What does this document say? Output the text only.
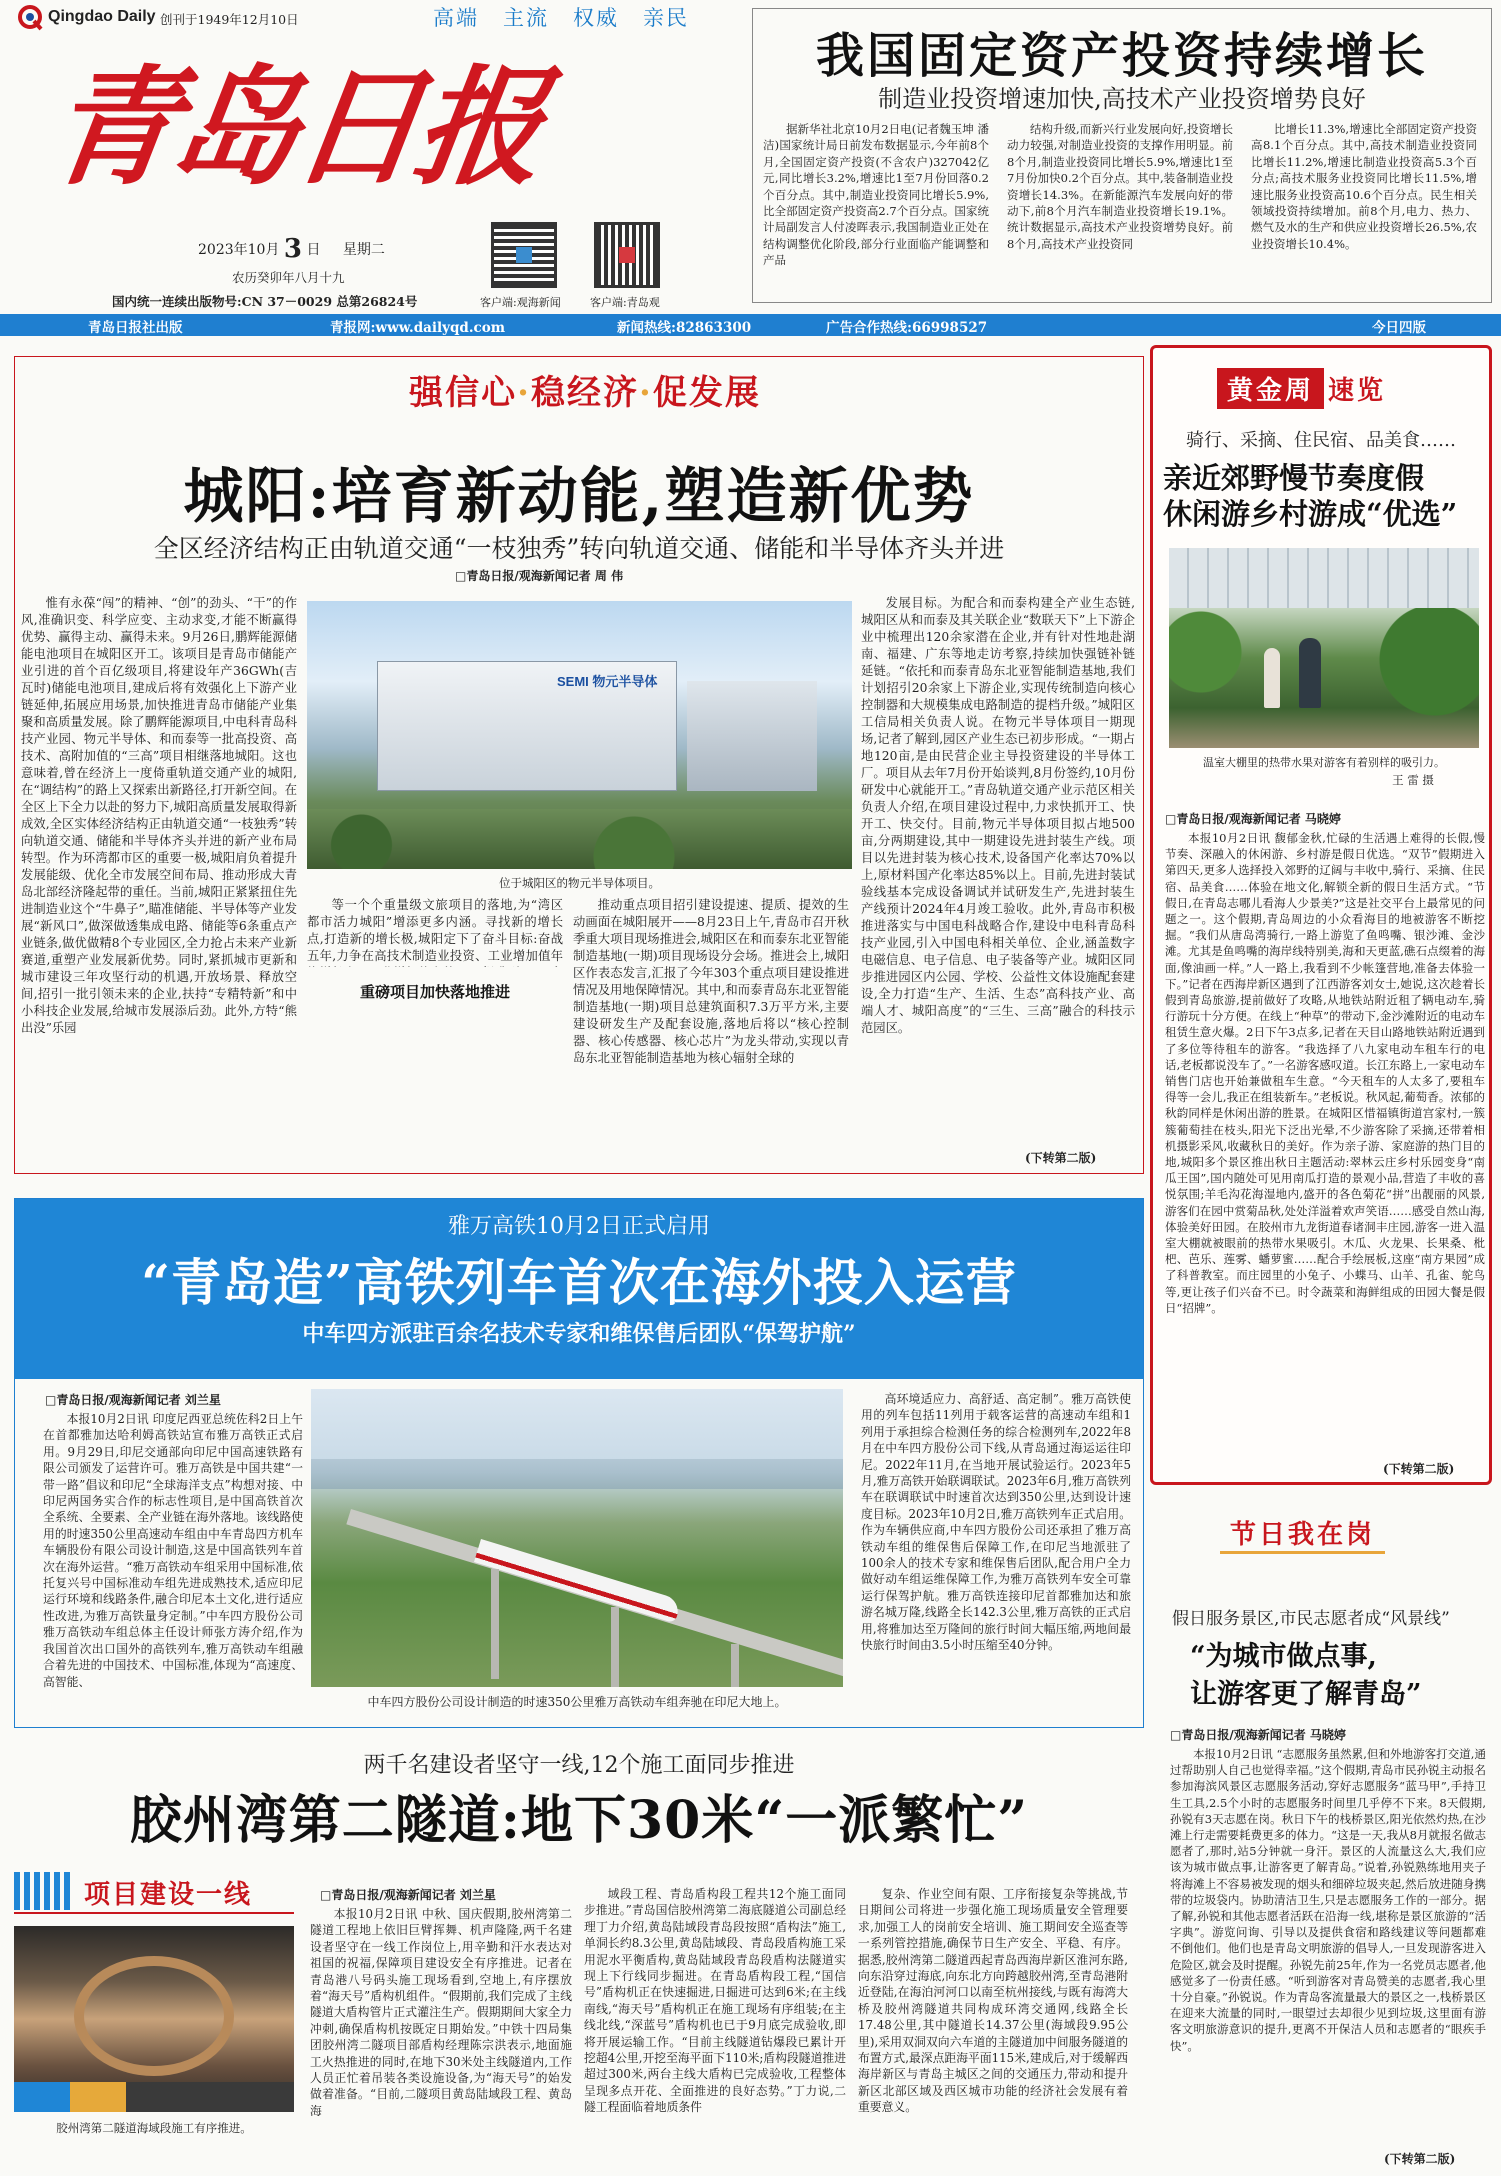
Qingdao Daily 创刊于1949年12月10日	高端 主流 权威 亲民
青岛日报
2023年10月 3 日 星期二
农历癸卯年八月十九
国内统一连续出版物号:CN 37－0029 总第26824号	客户端:观海新闻	客户端:青岛观
我国固定资产投资持续增长
制造业投资增速加快,高技术产业投资增势良好
据新华社北京10月2日电(记者魏玉坤 潘洁)国家统计局日前发布数据显示,今年前8个月,全国固定资产投资(不含农户)327042亿元,同比增长3.2%,增速比1至7月份回落0.2个百分点。其中,制造业投资同比增长5.9%,比全部固定资产投资高2.7个百分点。国家统计局副发言人付凌晖表示,我国制造业正处在结构调整优化阶段,部分行业面临产能调整和产品
结构升级,而新兴行业发展向好,投资增长动力较强,对制造业投资的支撑作用明显。前8个月,制造业投资同比增长5.9%,增速比1至7月份加快0.2个百分点。其中,装备制造业投资增长14.3%。在新能源汽车发展向好的带动下,前8个月汽车制造业投资增长19.1%。统计数据显示,高技术产业投资增势良好。前8个月,高技术产业投资同
比增长11.3%,增速比全部固定资产投资高8.1个百分点。其中,高技术制造业投资同比增长11.2%,增速比制造业投资高5.3个百分点;高技术服务业投资同比增长11.5%,增速比服务业投资高10.6个百分点。民生相关领域投资持续增加。前8个月,电力、热力、燃气及水的生产和供应业投资增长26.5%,农业投资增长10.4%。
青岛日报社出版	青报网:www.dailyqd.com	新闻热线:82863300	广告合作热线:66998527	今日四版
强信心·稳经济·促发展
城阳:培育新动能,塑造新优势
全区经济结构正由轨道交通“一枝独秀”转向轨道交通、储能和半导体齐头并进
□青岛日报/观海新闻记者 周 伟
惟有永葆“闯”的精神、“创”的劲头、“干”的作风,准确识变、科学应变、主动求变,才能不断赢得优势、赢得主动、赢得未来。9月26日,鹏辉能源储能电池项目在城阳区开工。该项目是青岛市储能产业引进的首个百亿级项目,将建设年产36GWh(吉瓦时)储能电池项目,建成后将有效强化上下游产业链延伸,拓展应用场景,加快推进青岛市储能产业集聚和高质量发展。除了鹏辉能源项目,中电科青岛科技产业园、物元半导体、和而泰等一批高投资、高技术、高附加值的“三高”项目相继落地城阳。这也意味着,曾在经济上一度倚重轨道交通产业的城阳,在“调结构”的路上又探索出新路径,打开新空间。在全区上下全力以赴的努力下,城阳高质量发展取得新成效,全区实体经济结构正由轨道交通“一枝独秀”转向轨道交通、储能和半导体齐头并进的新产业布局转型。作为环湾都市区的重要一极,城阳肩负着提升发展能级、优化全市发展空间布局、推动形成大青岛北部经济隆起带的重任。当前,城阳正紧紧扭住先进制造业这个“牛鼻子”,瞄准储能、半导体等产业发展“新风口”,做深做透集成电路、储能等6条重点产业链条,做优做精8个专业园区,全力抢占未来产业新赛道,重塑产业发展新优势。同时,紧抓城市更新和城市建设三年攻坚行动的机遇,开放场景、释放空间,招引一批引领未来的企业,扶持“专精特新”和中小科技企业发展,给城市发展添后劲。此外,方特“熊出没”乐园
SEMI 物元半导体
位于城阳区的物元半导体项目。
等一个个重量级文旅项目的落地,为“湾区都市活力城阳”增添更多内涵。寻找新的增长点,打造新的增长极,城阳定下了奋斗目标:奋战五年,力争在高技术制造业投资、工业增加值年
重磅项目加快落地推进
推动重点项目招引建设提速、提质、提效的生动画面在城阳展开——8月23日上午,青岛市召开秋季重大项目现场推进会,城阳区在和而泰东北亚智能制造基地(一期)项目现场设分会场。推进会上,城阳区作表态发言,汇报了今年303个重点项目建设推进情况及用地保障情况。其中,和而泰青岛东北亚智能制造基地(一期)项目总建筑面积7.3万平方米,主要建设研发生产及配套设施,落地后将以“核心控制器、核心传感器、核心芯片”为龙头带动,实现以青岛东北亚智能制造基地为核心辐射全球的
发展目标。为配合和而泰构建全产业生态链,城阳区从和而泰及其关联企业“数联天下”上下游企业中梳理出120余家潜在企业,并有针对性地赴湖南、福建、广东等地走访考察,持续加快强链补链延链。“依托和而泰青岛东北亚智能制造基地,我们计划招引20余家上下游企业,实现传统制造向核心控制器和大规模集成电路制造的提档升级。”城阳区工信局相关负责人说。在物元半导体项目一期现场,记者了解到,园区产业生态已初步形成。“一期占地120亩,是由民营企业主导投资建设的半导体工厂。项目从去年7月份开始谈判,8月份签约,10月份研发中心就能开工。”青岛轨道交通产业示范区相关负责人介绍,在项目建设过程中,力求快抓开工、快开工、快交付。目前,物元半导体项目拟占地500亩,分两期建设,其中一期建设先进封装生产线。项目以先进封装为核心技术,设备国产化率达70%以上,原材料国产化率达85%以上。目前,先进封装试验线基本完成设备调试并试研发生产,先进封装生产线预计2024年4月竣工验收。此外,青岛市积极推进落实与中国电科战略合作,建设中电科青岛科技产业园,引入中国电科相关单位、企业,涵盖数字电磁信息、电子信息、电子装备等产业。城阳区同步推进园区内公园、学校、公益性文体设施配套建设,全力打造“生产、生活、生态”高科技产业、高端人才、城阳高度”的“三生、三高”融合的科技示范园区。
(下转第二版)
黄金周 速览
骑行、采摘、住民宿、品美食……
亲近郊野慢节奏度假
休闲游乡村游成“优选”
温室大棚里的热带水果对游客有着别样的吸引力。
王 雷 摄
□青岛日报/观海新闻记者 马晓婷
本报10月2日讯 馥郁金秋,忙碌的生活遇上难得的长假,慢节奏、深融入的休闲游、乡村游是假日优选。“双节”假期进入第四天,更多人选择投入郊野的辽阔与丰收中,骑行、采摘、住民宿、品美食……体验在地文化,解锁全新的假日生活方式。“节假日,在青岛志哪儿看海人少景美?”这是社交平台上最常见的问题之一。这个假期,青岛周边的小众看海目的地被游客不断挖掘。“我们从唐岛湾骑行,一路上游览了鱼鸣嘴、银沙滩、金沙滩。尤其是鱼鸣嘴的海岸线特别美,海和天更蓝,礁石点缀着的海面,像油画一样。”人一路上,我看到不少帐篷营地,准备去体验一下。”记者在西海岸新区遇到了江西游客刘女士,她说,这次趁着长假到青岛旅游,提前做好了攻略,从地铁站附近租了辆电动车,骑行游玩十分方便。在线上“种草”的带动下,金沙滩附近的电动车租赁生意火爆。2日下午3点多,记者在天目山路地铁站附近遇到了多位等待租车的游客。“我选择了八九家电动车租车行的电话,老板都说没车了。”一名游客感叹道。长江东路上,一家电动车销售门店也开始兼做租车生意。“今天租车的人太多了,要租车得等一会儿,我正在组装新车。”老板说。秋风起,葡萄香。浓郁的秋韵同样是休闲出游的胜景。在城阳区惜福镇街道宫家村,一簇簇葡萄挂在枝头,阳光下泛出光晕,不少游客除了采摘,还带着相机摄影采风,收藏秋日的美好。作为亲子游、家庭游的热门目的地,城阳多个景区推出秋日主题活动:翠林云庄乡村乐园变身“南瓜王国”,国内随处可见用南瓜打造的景观小品,营造了丰收的喜悦氛围;羊毛沟花海湿地内,盛开的各色菊花“拼”出靓丽的风景,游客们在园中赏菊品秋,处处洋溢着欢声笑语……感受自然山海,体验美好田园。在胶州市九龙街道春诸洞丰庄园,游客一进入温室大棚就被眼前的热带水果吸引。木瓜、火龙果、长果桑、枇杷、芭乐、莲雾、蟠萝蜜……配合手绘展板,这座“南方果园”成了科普教室。而庄园里的小兔子、小蝶马、山羊、孔雀、鸵鸟等,更让孩子们兴奋不已。时令蔬菜和海鲜组成的田园大餐是假日“招牌”。
(下转第二版)
雅万高铁10月2日正式启用
“青岛造”高铁列车首次在海外投入运营
中车四方派驻百余名技术专家和维保售后团队“保驾护航”
□青岛日报/观海新闻记者 刘兰星
本报10月2日讯 印度尼西亚总统佐科2日上午在首都雅加达哈利姆高铁站宣布雅万高铁正式启用。9月29日,印尼交通部向印尼中国高速铁路有限公司颁发了运营许可。雅万高铁是中国共建“一带一路”倡议和印尼“全球海洋支点”构想对接、中印尼两国务实合作的标志性项目,是中国高铁首次全系统、全要素、全产业链在海外落地。该线路使用的时速350公里高速动车组由中车青岛四方机车车辆股份有限公司设计制造,这是中国高铁列车首次在海外运营。“雅万高铁动车组采用中国标准,依托复兴号中国标准动车组先进成熟技术,适应印尼运行环境和线路条件,融合印尼本土文化,进行适应性改进,为雅万高铁量身定制。”中车四方股份公司雅万高铁动车组总体主任设计师张方涛介绍,作为我国首次出口国外的高铁列车,雅万高铁动车组融合着先进的中国技术、中国标准,体现为“高速度、高智能、
中车四方股份公司设计制造的时速350公里雅万高铁动车组奔驰在印尼大地上。
高环境适应力、高舒适、高定制”。雅万高铁使用的列车包括11列用于载客运营的高速动车组和1列用于承担综合检测任务的综合检测列车,2022年8月在中车四方股份公司下线,从青岛通过海运运往印尼。2022年11月,在当地开展试验运行。2023年5月,雅万高铁开始联调联试。2023年6月,雅万高铁列车在联调联试中时速首次达到350公里,达到设计速度目标。2023年10月2日,雅万高铁列车正式启用。作为车辆供应商,中车四方股份公司还承担了雅万高铁动车组的维保售后保障工作,在印尼当地派驻了100余人的技术专家和维保售后团队,配合用户全力做好动车组运维保障工作,为雅万高铁列车安全可靠运行保驾护航。雅万高铁连接印尼首都雅加达和旅游名城万隆,线路全长142.3公里,雅万高铁的正式启用,将雅加达至万隆间的旅行时间大幅压缩,两地间最快旅行时间由3.5小时压缩至40分钟。
节日我在岗
假日服务景区,市民志愿者成“风景线”
“为城市做点事,
让游客更了解青岛”
□青岛日报/观海新闻记者 马晓婷
本报10月2日讯 “志愿服务虽然累,但和外地游客打交道,通过帮助别人自己也觉得幸福。”这个假期,青岛市民孙锐主动报名参加海滨风景区志愿服务活动,穿好志愿服务“蓝马甲”,手持卫生工具,2.5个小时的志愿服务时间里几乎停不下来。8天假期,孙锐有3天志愿在岗。秋日下午的栈桥景区,阳光依然灼热,在沙滩上行走需要耗费更多的体力。“这是一天,我从8月就报名做志愿者了,那时,站5分钟就一身汗。景区的人流量这么大,我们应该为城市做点事,让游客更了解青岛。”说着,孙锐熟练地用夹子将海滩上不容易被发现的烟头和细碎垃圾夹起,然后放进随身携带的垃圾袋内。协助清洁卫生,只是志愿服务工作的一部分。据了解,孙锐和其他志愿者活跃在沿海一线,堪称是景区旅游的“活字典”。游览问询、引导以及提供食宿和路线建议等问题都难不倒他们。他们也是青岛文明旅游的倡导人,一旦发现游客进入危险区,就会及时提醒。孙锐先前25年,作为一名党员志愿者,他感觉多了一份责任感。“听到游客对青岛赞美的志愿者,我心里十分自豪。”孙锐说。作为青岛客流量最大的景区之一,栈桥景区在迎来大流量的同时,一眼望过去却很少见到垃圾,这里面有游客文明旅游意识的提升,更离不开保洁人员和志愿者的“眼疾手快”。
(下转第二版)
两千名建设者坚守一线,12个施工面同步推进
胶州湾第二隧道:地下30米“一派繁忙”
项目建设一线
胶州湾第二隧道海域段施工有序推进。
□青岛日报/观海新闻记者 刘兰星
本报10月2日讯 中秋、国庆假期,胶州湾第二隧道工程地上依旧巨臂挥舞、机声隆隆,两千名建设者坚守在一线工作岗位上,用辛勤和汗水表达对祖国的祝福,保障项目建设安全有序推进。记者在青岛港八号码头施工现场看到,空地上,有序摆放着“海天号”盾构机组件。“假期前,我们完成了主线隧道大盾构管片正式灌注生产。假期期间大家全力冲刺,确保盾构机按既定日期始发。”中铁十四局集团胶州湾二隧项目部盾构经理陈宗洪表示,地面施工火热推进的同时,在地下30米处主线隧道内,工作人员正忙着吊装各类设施设备,为“海天号”的始发做着准备。“目前,二隧项目黄岛陆域段工程、黄岛海
域段工程、青岛盾构段工程共12个施工面同步推进。”青岛国信胶州湾第二海底隧道公司副总经理丁力介绍,黄岛陆域段青岛段按照“盾构法”施工,单洞长约8.3公里,黄岛陆域段、青岛段盾构施工采用泥水平衡盾构,黄岛陆域段青岛段盾构法隧道实现上下行线同步掘进。在青岛盾构段工程,“国信号”盾构机正在快速掘进,日掘进可达到6米;在主线南线,“海天号”盾构机正在施工现场有序组装;在主线北线,“深蓝号”盾构机也已于9月底完成验收,即将开展运输工作。“目前主线隧道钻爆段已累计开挖超4公里,开挖至海平面下110米;盾构段隧道推进超过300米,两台主线大盾构已完成验收,工程整体呈现多点开花、全面推进的良好态势。”丁力说,二隧工程面临着地质条件
复杂、作业空间有限、工序衔接复杂等挑战,节日期间公司将进一步强化施工现场质量安全管理要求,加强工人的岗前安全培训、施工期间安全巡查等一系列管控措施,确保节日生产安全、平稳、有序。据悉,胶州湾第二隧道西起青岛西海岸新区淮河东路,向东沿穿过海底,向东北方向跨越胶州湾,至青岛港附近登陆,在海泊河河口以南至杭州接线,与既有海湾大桥及胶州湾隧道共同构成环湾交通网,线路全长17.48公里,其中隧道长14.37公里(海域段9.95公里),采用双洞双向六车道的主隧道加中间服务隧道的布置方式,最深点距海平面115米,建成后,对于缓解西海岸新区与青岛主城区之间的交通压力,带动和提升新区北部区域及西区城市功能的经济社会发展有着重要意义。
